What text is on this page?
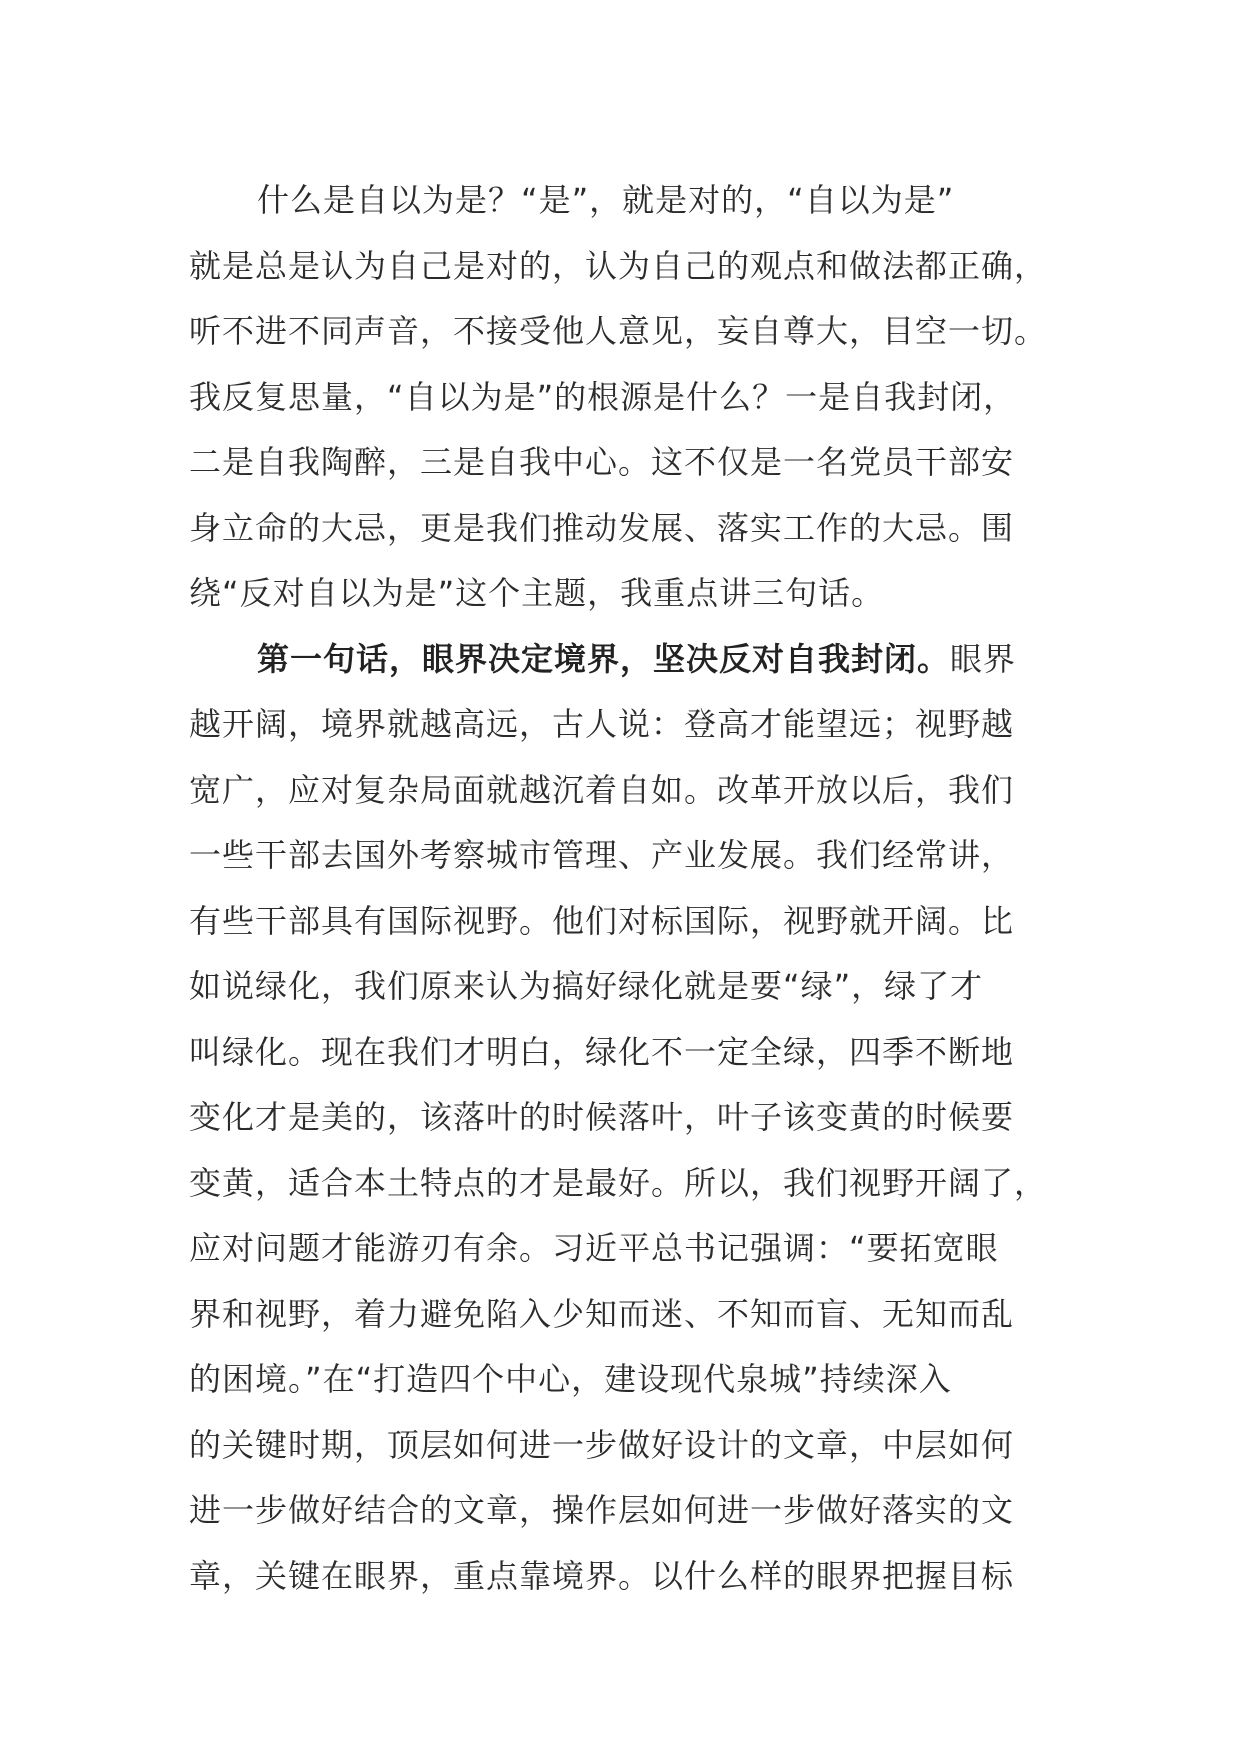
什么是自以为是？“是”，就是对的，“自以为是”
就是总是认为自己是对的，认为自己的观点和做法都正确，
听不进不同声音，不接受他人意见，妄自尊大，目空一切。
我反复思量，“自以为是”的根源是什么？一是自我封闭，
二是自我陶醉，三是自我中心。这不仅是一名党员干部安
身立命的大忌，更是我们推动发展、落实工作的大忌。围
绕“反对自以为是”这个主题，我重点讲三句话。
第一句话，眼界决定境界，坚决反对自我封闭。眼界
越开阔，境界就越高远，古人说：登高才能望远；视野越
宽广，应对复杂局面就越沉着自如。改革开放以后，我们
一些干部去国外考察城市管理、产业发展。我们经常讲，
有些干部具有国际视野。他们对标国际，视野就开阔。比
如说绿化，我们原来认为搞好绿化就是要“绿”，绿了才
叫绿化。现在我们才明白，绿化不一定全绿，四季不断地
变化才是美的，该落叶的时候落叶，叶子该变黄的时候要
变黄，适合本土特点的才是最好。所以，我们视野开阔了，
应对问题才能游刃有余。习近平总书记强调：“要拓宽眼
界和视野，着力避免陷入少知而迷、不知而盲、无知而乱
的困境。”在“打造四个中心，建设现代泉城”持续深入
的关键时期，顶层如何进一步做好设计的文章，中层如何
进一步做好结合的文章，操作层如何进一步做好落实的文
章，关键在眼界，重点靠境界。以什么样的眼界把握目标
